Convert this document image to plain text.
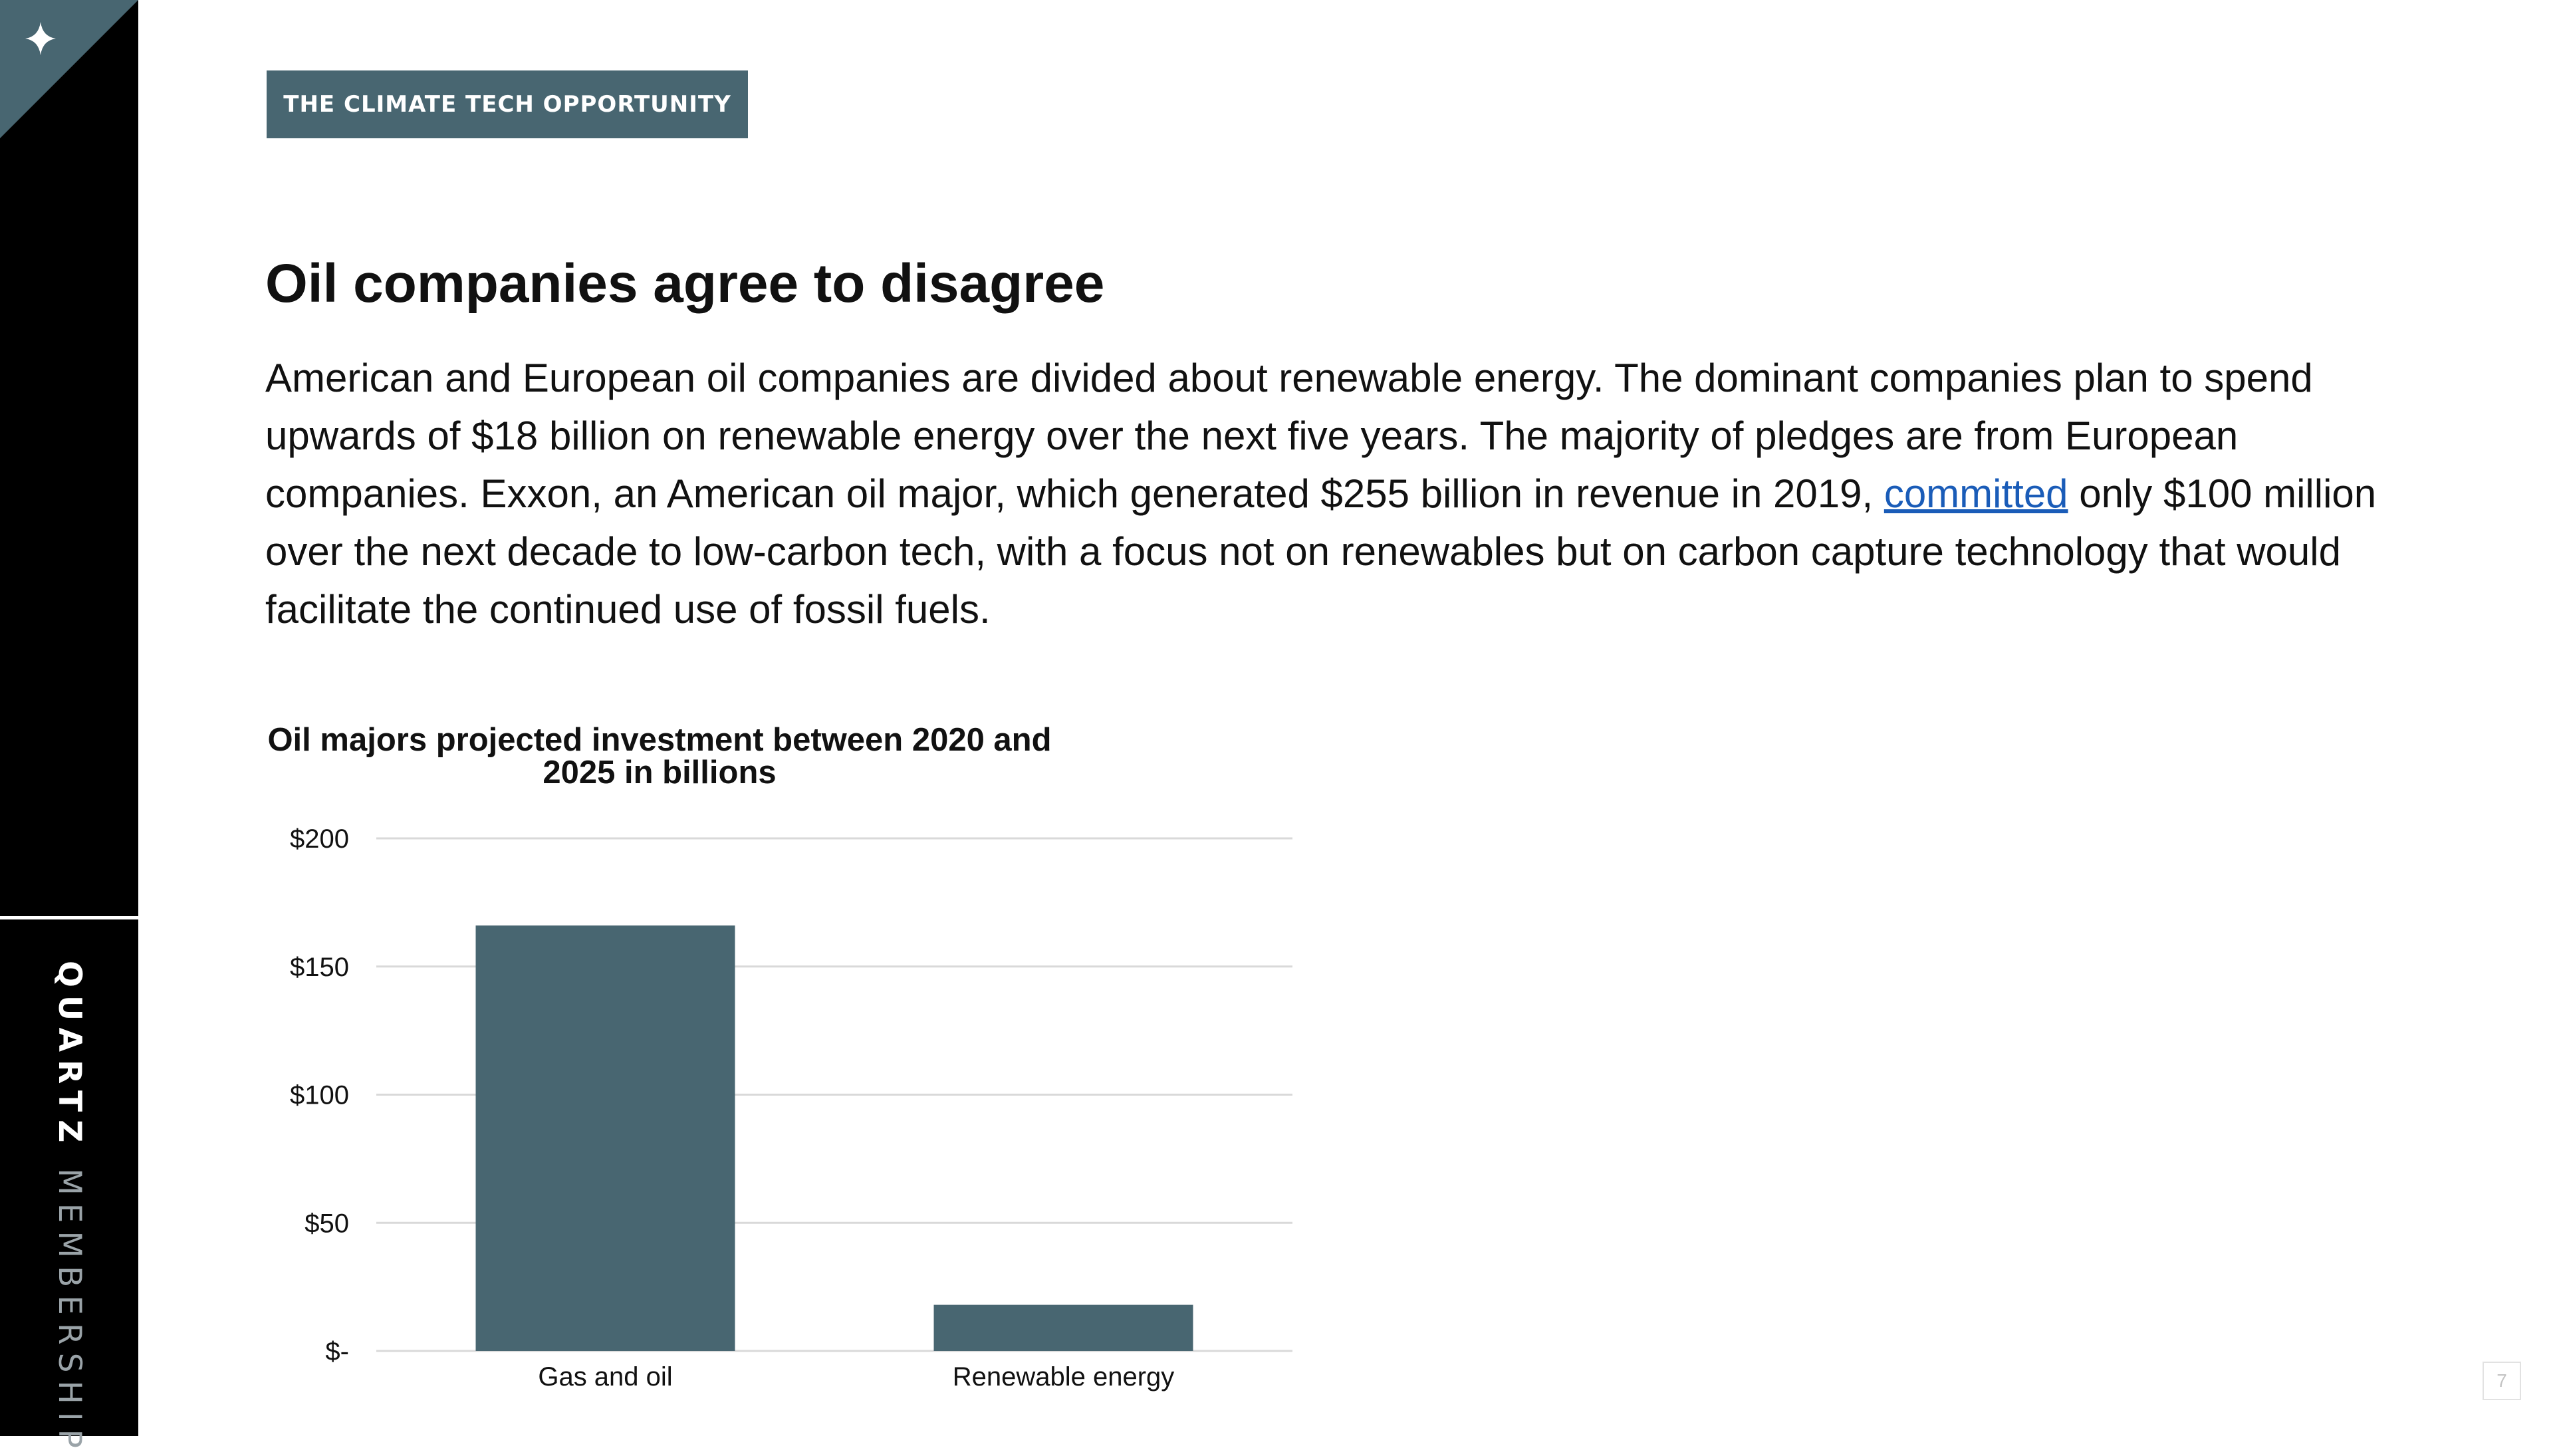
QUARTZ MEMBERSHIP
THE CLIMATE TECH OPPORTUNITY
Oil companies agree to disagree

American and European oil companies are divided about renewable energy. The dominant companies plan to spend upwards of $18 billion on renewable energy over the next five years. The majority of pledges are from European companies. Exxon, an American oil major, which generated $255 billion in revenue in 2019, committed only $100 million over the next decade to low-carbon tech, with a focus not on renewables but on carbon capture technology that would facilitate the continued use of fossil fuels.

Oil majors projected investment between 2020 and
2025 in billions
$-
$50
$100
$150
$200
Gas and oil	Renewable energy	7
